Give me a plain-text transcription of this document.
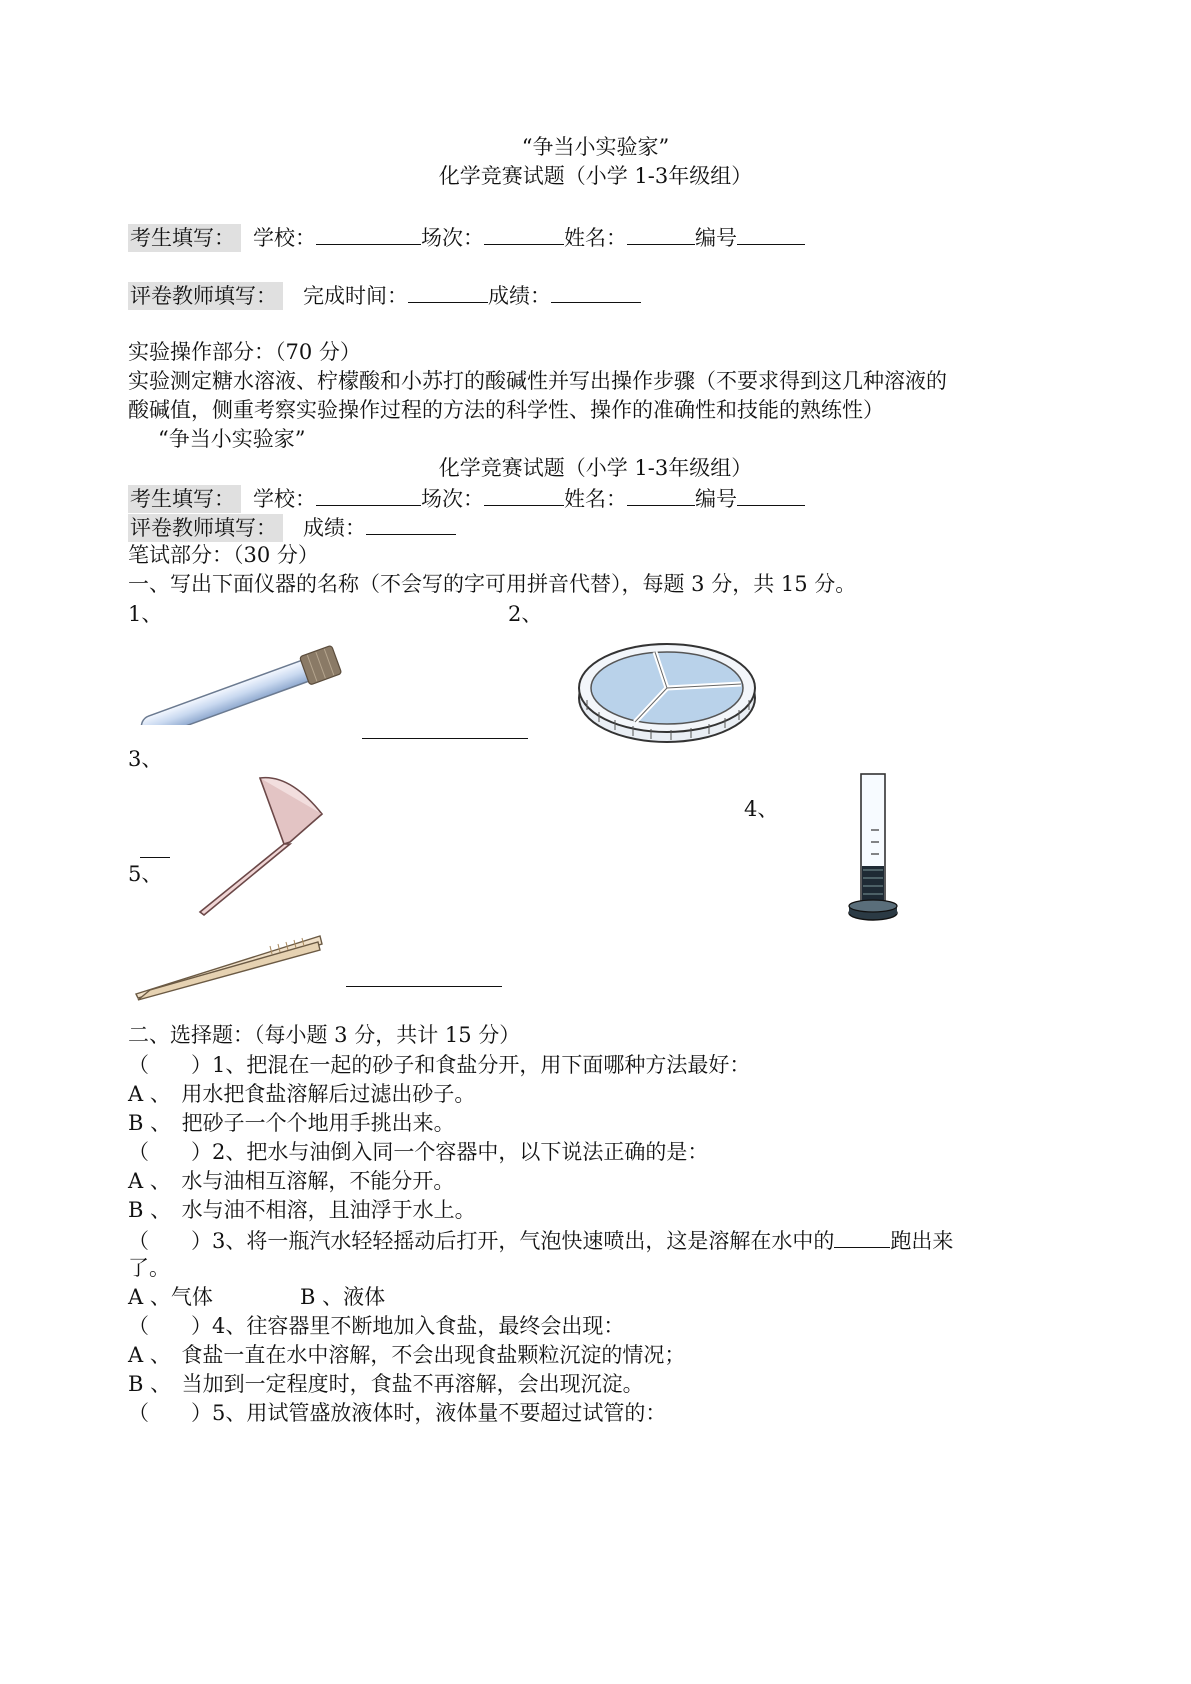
“争当小实验家”
化学竞赛试题（小学 1-3年级组）
考生填写： 学校：	场次：	姓名：	编号
评卷教师填写： 完成时间：	成绩：
实验操作部分：（70 分）
实验测定糖水溶液、柠檬酸和小苏打的酸碱性并写出操作步骤（不要求得到这几种溶液的
酸碱值，侧重考察实验操作过程的方法的科学性、操作的准确性和技能的熟练性）
“争当小实验家”
化学竞赛试题（小学 1-3年级组）
考生填写： 学校：	场次：	姓名：	编号
评卷教师填写： 成绩：
笔试部分：（30 分）
一、写出下面仪器的名称（不会写的字可用拼音代替），每题 3 分，共 15 分。
1、	2、
3、
4、
5、
二、选择题：（每小题 3 分，共计 15 分）
（　　）1、把混在一起的砂子和食盐分开，用下面哪种方法最好：
A 、　用水把食盐溶解后过滤出砂子。
B 、　把砂子一个个地用手挑出来。
（　　）2、把水与油倒入同一个容器中，以下说法正确的是：
A 、　水与油相互溶解，不能分开。
B 、　水与油不相溶，且油浮于水上。
（　　）3、将一瓶汽水轻轻摇动后打开，气泡快速喷出，这是溶解在水中的	跑出来
了。
A 、气体	B 、液体
（　　）4、往容器里不断地加入食盐，最终会出现：
A 、　食盐一直在水中溶解，不会出现食盐颗粒沉淀的情况；
B 、　当加到一定程度时，食盐不再溶解，会出现沉淀。
（　　）5、用试管盛放液体时，液体量不要超过试管的：
